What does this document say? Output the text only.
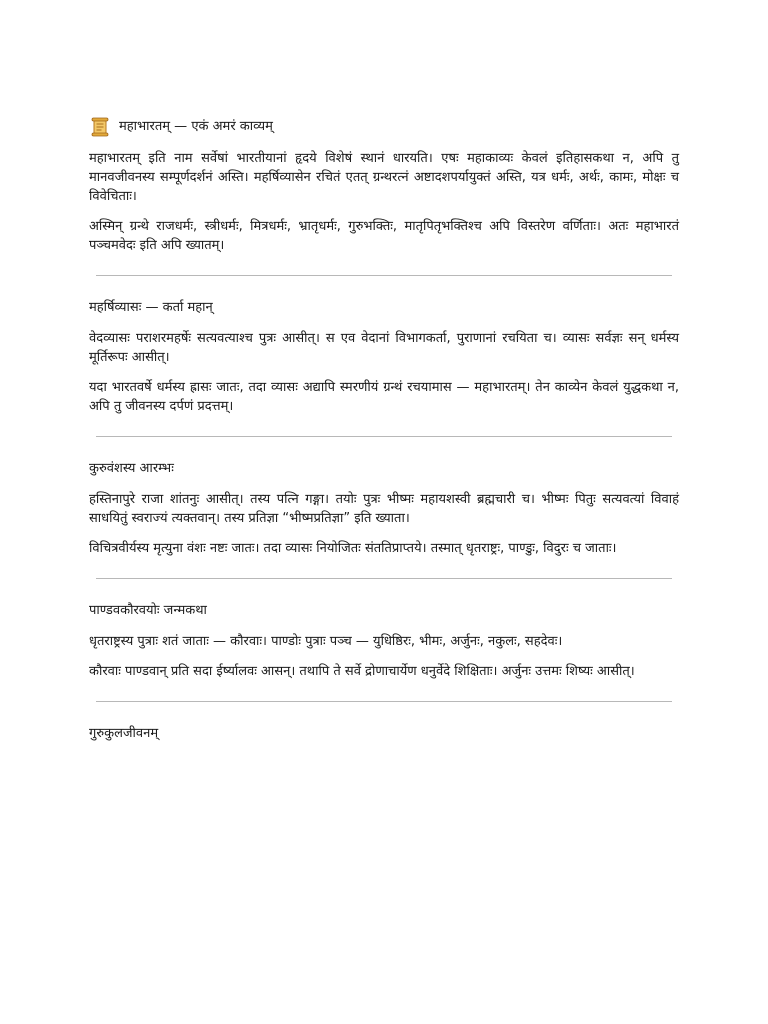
महाभारतम् — एकं अमरं काव्यम्

महाभारतम् इति नाम सर्वेषां भारतीयानां हृदये विशेषं स्थानं धारयति। एषः महाकाव्यः केवलं इतिहासकथा न, अपि तु मानवजीवनस्य सम्पूर्णदर्शनं अस्ति। महर्षिव्यासेन रचितं एतत् ग्रन्थरत्नं अष्टादशपर्यायुक्तं अस्ति, यत्र धर्मः, अर्थः, कामः, मोक्षः च विवेचिताः।

अस्मिन् ग्रन्थे राजधर्मः, स्त्रीधर्मः, मित्रधर्मः, भ्रातृधर्मः, गुरुभक्तिः, मातृपितृभक्तिश्च अपि विस्तरेण वर्णिताः। अतः महाभारतं पञ्चमवेदः इति अपि ख्यातम्।

महर्षिव्यासः — कर्ता महान्

वेदव्यासः पराशरमहर्षेः सत्यवत्याश्च पुत्रः आसीत्। स एव वेदानां विभागकर्ता, पुराणानां रचयिता च। व्यासः सर्वज्ञः सन् धर्मस्य मूर्तिरूपः आसीत्।

यदा भारतवर्षे धर्मस्य ह्रासः जातः, तदा व्यासः अद्यापि स्मरणीयं ग्रन्थं रचयामास — महाभारतम्। तेन काव्येन केवलं युद्धकथा न, अपि तु जीवनस्य दर्पणं प्रदत्तम्।

कुरुवंशस्य आरम्भः

हस्तिनापुरे राजा शांतनुः आसीत्। तस्य पत्नि गङ्गा। तयोः पुत्रः भीष्मः महायशस्वी ब्रह्मचारी च। भीष्मः पितुः सत्यवत्यां विवाहं साधयितुं स्वराज्यं त्यक्तवान्। तस्य प्रतिज्ञा “भीष्मप्रतिज्ञा” इति ख्याता।

विचित्रवीर्यस्य मृत्युना वंशः नष्टः जातः। तदा व्यासः नियोजितः संततिप्राप्तये। तस्मात् धृतराष्ट्रः, पाण्डुः, विदुरः च जाताः।

पाण्डवकौरवयोः जन्मकथा

धृतराष्ट्रस्य पुत्राः शतं जाताः — कौरवाः। पाण्डोः पुत्राः पञ्च — युधिष्ठिरः, भीमः, अर्जुनः, नकुलः, सहदेवः।

कौरवाः पाण्डवान् प्रति सदा ईर्ष्यालवः आसन्। तथापि ते सर्वे द्रोणाचार्येण धनुर्वेदे शिक्षिताः। अर्जुनः उत्तमः शिष्यः आसीत्।

गुरुकुलजीवनम्
